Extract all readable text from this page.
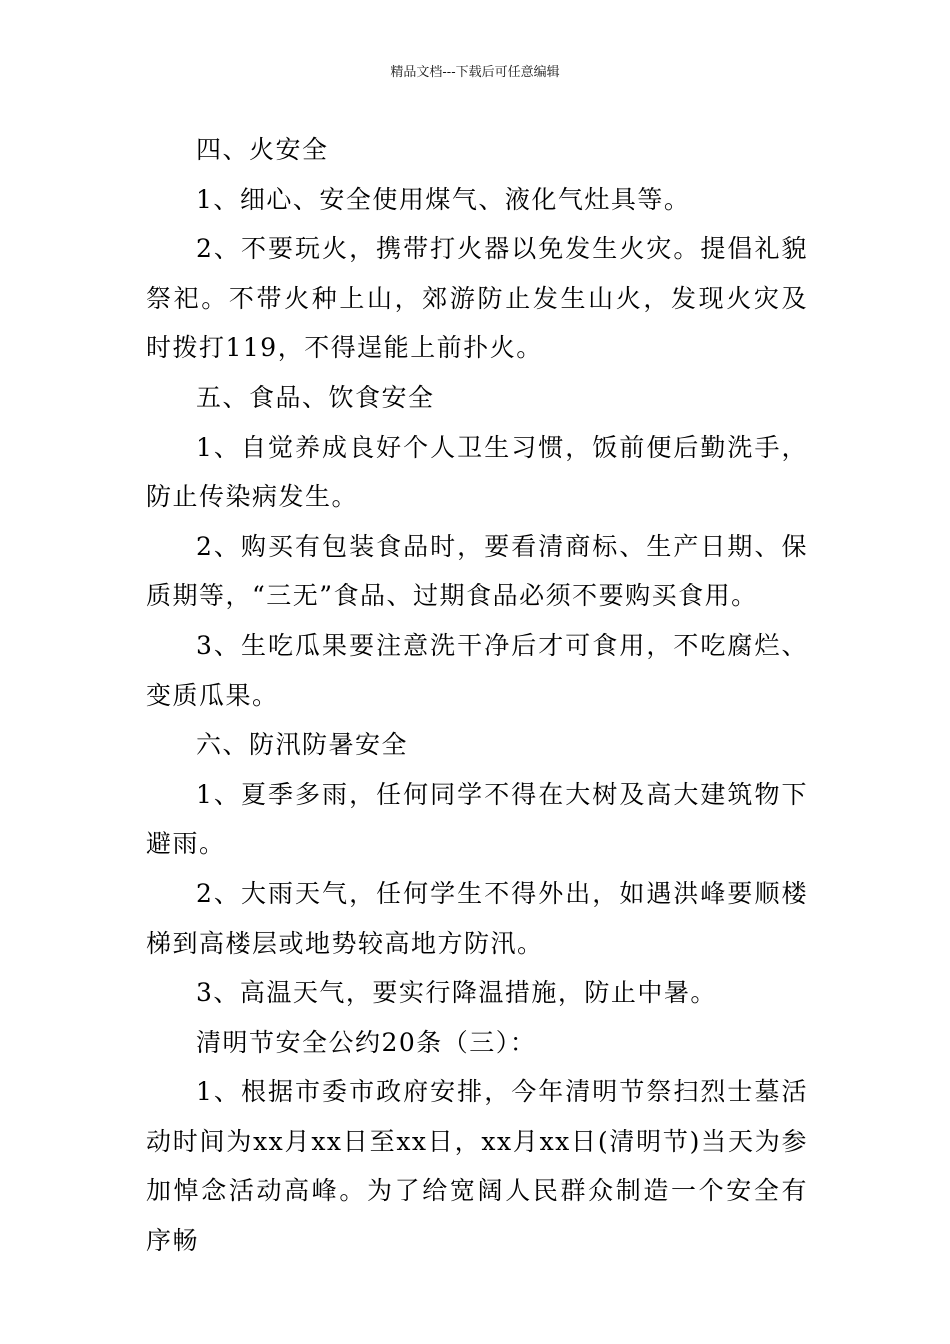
精品文档---下载后可任意编辑

四、火安全

1、细心、安全使用煤气、液化气灶具等。

2、不要玩火，携带打火器以免发生火灾。提倡礼貌祭祀。不带火种上山，郊游防止发生山火，发现火灾及时拨打119，不得逞能上前扑火。

五、食品、饮食安全

1、自觉养成良好个人卫生习惯，饭前便后勤洗手，防止传染病发生。

2、购买有包装食品时，要看清商标、生产日期、保质期等，“三无”食品、过期食品必须不要购买食用。

3、生吃瓜果要注意洗干净后才可食用，不吃腐烂、变质瓜果。

六、防汛防暑安全

1、夏季多雨，任何同学不得在大树及高大建筑物下避雨。

2、大雨天气，任何学生不得外出，如遇洪峰要顺楼梯到高楼层或地势较高地方防汛。

3、高温天气，要实行降温措施，防止中暑。

清明节安全公约20条（三）：

1、根据市委市政府安排，今年清明节祭扫烈士墓活动时间为xx月xx日至xx日，xx月xx日(清明节)当天为参加悼念活动高峰。为了给宽阔人民群众制造一个安全有序畅
